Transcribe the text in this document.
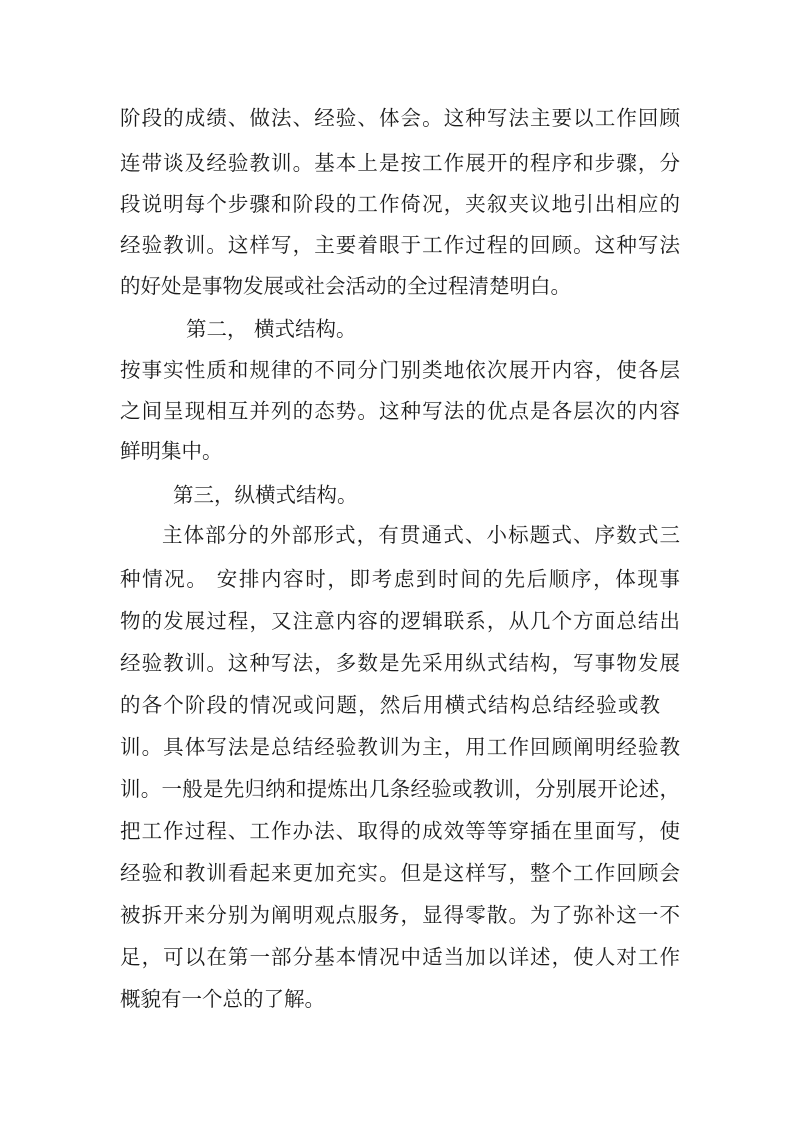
阶段的成绩、做法、经验、体会。这种写法主要以工作回顾
连带谈及经验教训。基本上是按工作展开的程序和步骤，分
段说明每个步骤和阶段的工作倚况，夹叙夹议地引出相应的
经验教训。这样写，主要着眼于工作过程的回顾。这种写法
的好处是事物发展或社会活动的全过程清楚明白。
第二， 横式结构。
按事实性质和规律的不同分门别类地依次展开内容，使各层
之间呈现相互并列的态势。这种写法的优点是各层次的内容
鲜明集中。
第三，纵横式结构。
主体部分的外部形式，有贯通式、小标题式、序数式三
种情况。 安排内容时，即考虑到时间的先后顺序，体现事
物的发展过程，又注意内容的逻辑联系，从几个方面总结出
经验教训。这种写法，多数是先采用纵式结构，写事物发展
的各个阶段的情况或问题，然后用横式结构总结经验或教
训。具体写法是总结经验教训为主，用工作回顾阐明经验教
训。一般是先归纳和提炼出几条经验或教训，分别展开论述，
把工作过程、工作办法、取得的成效等等穿插在里面写，使
经验和教训看起来更加充实。但是这样写，整个工作回顾会
被拆开来分别为阐明观点服务，显得零散。为了弥补这一不
足，可以在第一部分基本情况中适当加以详述，使人对工作
概貌有一个总的了解。
